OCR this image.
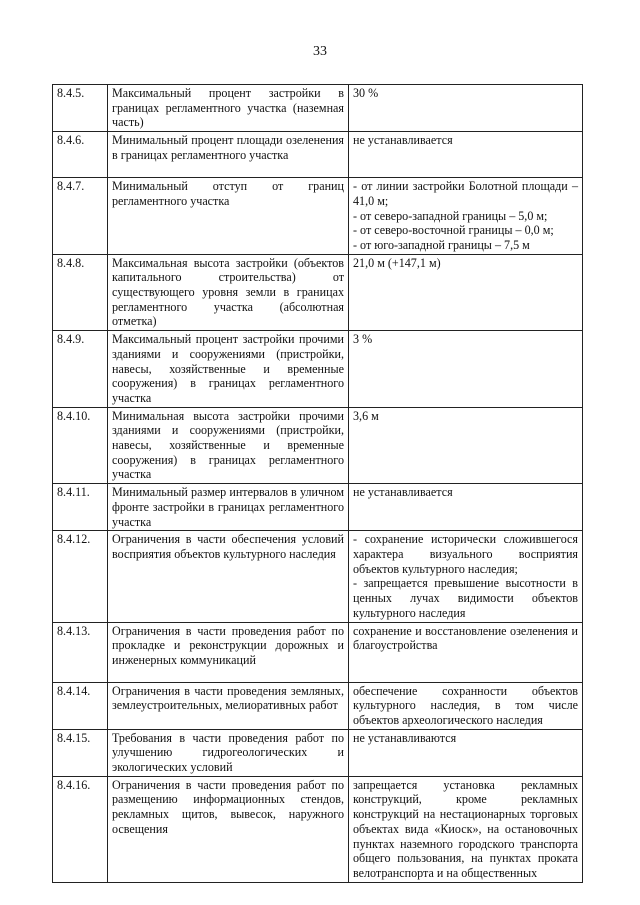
33
8.4.5.	Максимальный процент застройки в границах регламентного участка (наземная часть)	30 %

8.4.6.	Минимальный процент площади озеленения в границах регламентного участка	не устанавливается

8.4.7.	Минимальный отступ от границ регламентного участка	- от линии застройки Болотной площади – 41,0 м;
- от северо-западной границы – 5,0 м;
- от северо-восточной границы – 0,0 м;
- от юго-западной границы – 7,5 м

8.4.8.	Максимальная высота застройки (объектов капитального строительства) от существующего уровня земли в границах регламентного участка (абсолютная отметка)	21,0 м (+147,1 м)

8.4.9.	Максимальный процент застройки прочими зданиями и сооружениями (пристройки, навесы, хозяйственные и временные сооружения) в границах регламентного участка	3 %

8.4.10.	Минимальная высота застройки прочими зданиями и сооружениями (пристройки, навесы, хозяйственные и временные сооружения) в границах регламентного участка	3,6 м

8.4.11.	Минимальный размер интервалов в уличном фронте застройки в границах регламентного участка	не устанавливается

8.4.12.	Ограничения в части обеспечения условий восприятия объектов культурного наследия	- сохранение исторически сложившегося характера визуального восприятия объектов культурного наследия;
- запрещается превышение высотности в ценных лучах видимости объектов культурного наследия

8.4.13.	Ограничения в части проведения работ по прокладке и реконструкции дорожных и инженерных коммуникаций	сохранение и восстановление озеленения и благоустройства

8.4.14.	Ограничения в части проведения земляных, землеустроительных, мелиоративных работ	обеспечение сохранности объектов культурного наследия, в том числе объектов археологического наследия

8.4.15.	Требования в части проведения работ по улучшению гидрогеологических и экологических условий	не устанавливаются

8.4.16.	Ограничения в части проведения работ по размещению информационных стендов, рекламных щитов, вывесок, наружного освещения	запрещается установка рекламных конструкций, кроме рекламных конструкций на нестационарных торговых объектах вида «Киоск», на остановочных пунктах наземного городского транспорта общего пользования, на пунктах проката велотранспорта и на общественных
